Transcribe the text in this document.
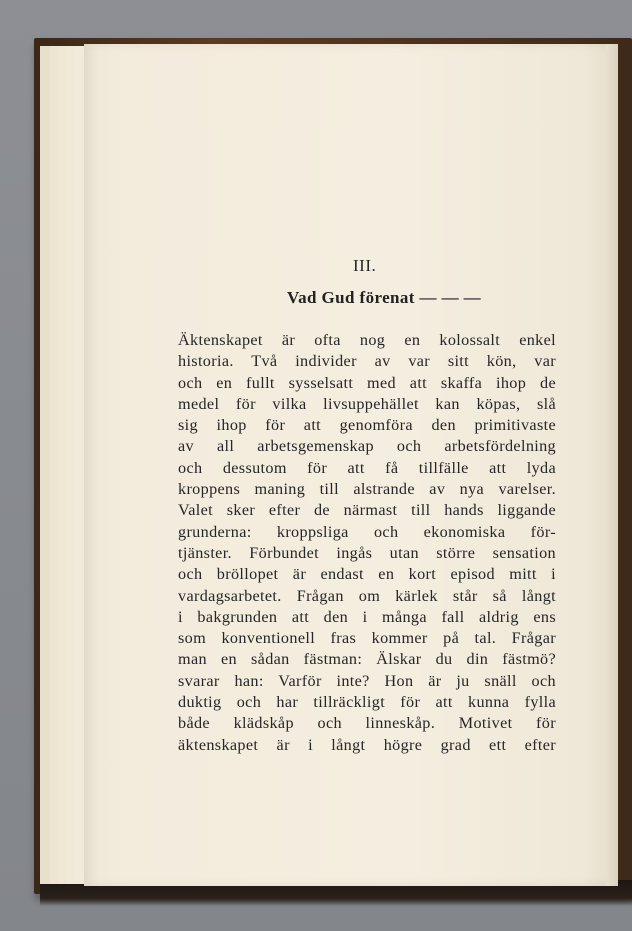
III.
Vad Gud förenat — — —
Äktenskapet är ofta nog en kolossalt enkel
historia. Två individer av var sitt kön, var
och en fullt sysselsatt med att skaffa ihop de
medel för vilka livsuppehället kan köpas, slå
sig ihop för att genomföra den primitivaste
av all arbetsgemenskap och arbetsfördelning
och dessutom för att få tillfälle att lyda
kroppens maning till alstrande av nya varelser.
Valet sker efter de närmast till hands liggande
grunderna: kroppsliga och ekonomiska för-
tjänster. Förbundet ingås utan större sensation
och bröllopet är endast en kort episod mitt i
vardagsarbetet. Frågan om kärlek står så långt
i bakgrunden att den i många fall aldrig ens
som konventionell fras kommer på tal. Frågar
man en sådan fästman: Älskar du din fästmö?
svarar han: Varför inte? Hon är ju snäll och
duktig och har tillräckligt för att kunna fylla
både klädskåp och linneskåp. Motivet för
äktenskapet är i långt högre grad ett efter
